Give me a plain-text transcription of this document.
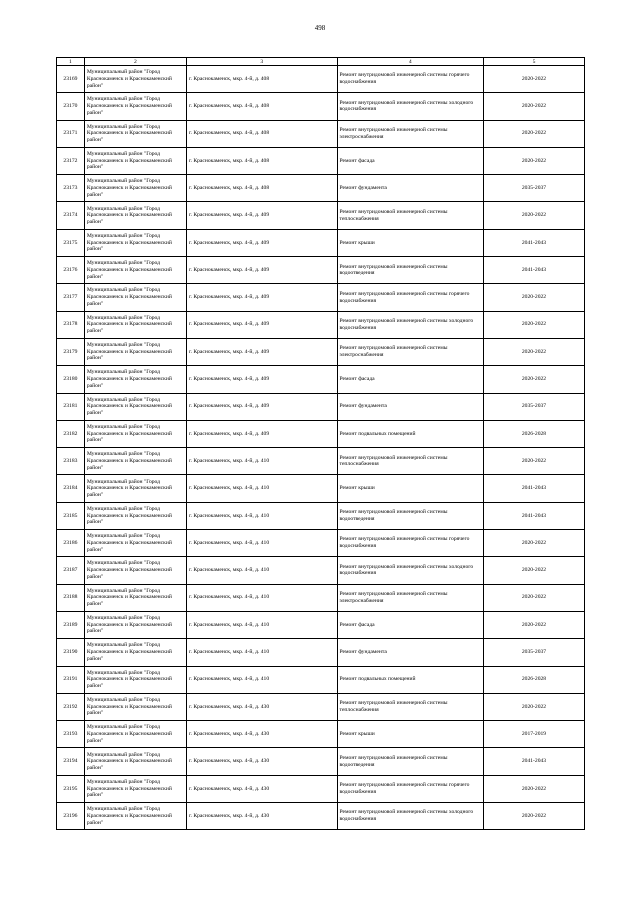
498
1	2	3	4	5
23169	Муниципальный район "Город Краснокаменск и Краснокаменский район"	г. Краснокаменск, мкр. 4-й, д. 408	Ремонт внутридомовой инженерной системы горячего водоснабжения	2020-2022
23170	Муниципальный район "Город Краснокаменск и Краснокаменский район"	г. Краснокаменск, мкр. 4-й, д. 408	Ремонт внутридомовой инженерной системы холодного водоснабжения	2020-2022
23171	Муниципальный район "Город Краснокаменск и Краснокаменский район"	г. Краснокаменск, мкр. 4-й, д. 408	Ремонт внутридомовой инженерной системы электроснабжения	2020-2022
23172	Муниципальный район "Город Краснокаменск и Краснокаменский район"	г. Краснокаменск, мкр. 4-й, д. 408	Ремонт фасада	2020-2022
23173	Муниципальный район "Город Краснокаменск и Краснокаменский район"	г. Краснокаменск, мкр. 4-й, д. 408	Ремонт фундамента	2035-2037
23174	Муниципальный район "Город Краснокаменск и Краснокаменский район"	г. Краснокаменск, мкр. 4-й, д. 409	Ремонт внутридомовой инженерной системы теплоснабжения	2020-2022
23175	Муниципальный район "Город Краснокаменск и Краснокаменский район"	г. Краснокаменск, мкр. 4-й, д. 409	Ремонт крыши	2041-2043
23176	Муниципальный район "Город Краснокаменск и Краснокаменский район"	г. Краснокаменск, мкр. 4-й, д. 409	Ремонт внутридомовой инженерной системы водоотведения	2041-2043
23177	Муниципальный район "Город Краснокаменск и Краснокаменский район"	г. Краснокаменск, мкр. 4-й, д. 409	Ремонт внутридомовой инженерной системы горячего водоснабжения	2020-2022
23178	Муниципальный район "Город Краснокаменск и Краснокаменский район"	г. Краснокаменск, мкр. 4-й, д. 409	Ремонт внутридомовой инженерной системы холодного водоснабжения	2020-2022
23179	Муниципальный район "Город Краснокаменск и Краснокаменский район"	г. Краснокаменск, мкр. 4-й, д. 409	Ремонт внутридомовой инженерной системы электроснабжения	2020-2022
23180	Муниципальный район "Город Краснокаменск и Краснокаменский район"	г. Краснокаменск, мкр. 4-й, д. 409	Ремонт фасада	2020-2022
23181	Муниципальный район "Город Краснокаменск и Краснокаменский район"	г. Краснокаменск, мкр. 4-й, д. 409	Ремонт фундамента	2035-2037
23182	Муниципальный район "Город Краснокаменск и Краснокаменский район"	г. Краснокаменск, мкр. 4-й, д. 409	Ремонт подвальных помещений	2026-2028
23183	Муниципальный район "Город Краснокаменск и Краснокаменский район"	г. Краснокаменск, мкр. 4-й, д. 410	Ремонт внутридомовой инженерной системы теплоснабжения	2020-2022
23184	Муниципальный район "Город Краснокаменск и Краснокаменский район"	г. Краснокаменск, мкр. 4-й, д. 410	Ремонт крыши	2041-2043
23185	Муниципальный район "Город Краснокаменск и Краснокаменский район"	г. Краснокаменск, мкр. 4-й, д. 410	Ремонт внутридомовой инженерной системы водоотведения	2041-2043
23186	Муниципальный район "Город Краснокаменск и Краснокаменский район"	г. Краснокаменск, мкр. 4-й, д. 410	Ремонт внутридомовой инженерной системы горячего водоснабжения	2020-2022
23187	Муниципальный район "Город Краснокаменск и Краснокаменский район"	г. Краснокаменск, мкр. 4-й, д. 410	Ремонт внутридомовой инженерной системы холодного водоснабжения	2020-2022
23188	Муниципальный район "Город Краснокаменск и Краснокаменский район"	г. Краснокаменск, мкр. 4-й, д. 410	Ремонт внутридомовой инженерной системы электроснабжения	2020-2022
23189	Муниципальный район "Город Краснокаменск и Краснокаменский район"	г. Краснокаменск, мкр. 4-й, д. 410	Ремонт фасада	2020-2022
23190	Муниципальный район "Город Краснокаменск и Краснокаменский район"	г. Краснокаменск, мкр. 4-й, д. 410	Ремонт фундамента	2035-2037
23191	Муниципальный район "Город Краснокаменск и Краснокаменский район"	г. Краснокаменск, мкр. 4-й, д. 410	Ремонт подвальных помещений	2026-2028
23192	Муниципальный район "Город Краснокаменск и Краснокаменский район"	г. Краснокаменск, мкр. 4-й, д. 430	Ремонт внутридомовой инженерной системы теплоснабжения	2020-2022
23193	Муниципальный район "Город Краснокаменск и Краснокаменский район"	г. Краснокаменск, мкр. 4-й, д. 430	Ремонт крыши	2017-2019
23194	Муниципальный район "Город Краснокаменск и Краснокаменский район"	г. Краснокаменск, мкр. 4-й, д. 430	Ремонт внутридомовой инженерной системы водоотведения	2041-2043
23195	Муниципальный район "Город Краснокаменск и Краснокаменский район"	г. Краснокаменск, мкр. 4-й, д. 430	Ремонт внутридомовой инженерной системы горячего водоснабжения	2020-2022
23196	Муниципальный район "Город Краснокаменск и Краснокаменский район"	г. Краснокаменск, мкр. 4-й, д. 430	Ремонт внутридомовой инженерной системы холодного водоснабжения	2020-2022
